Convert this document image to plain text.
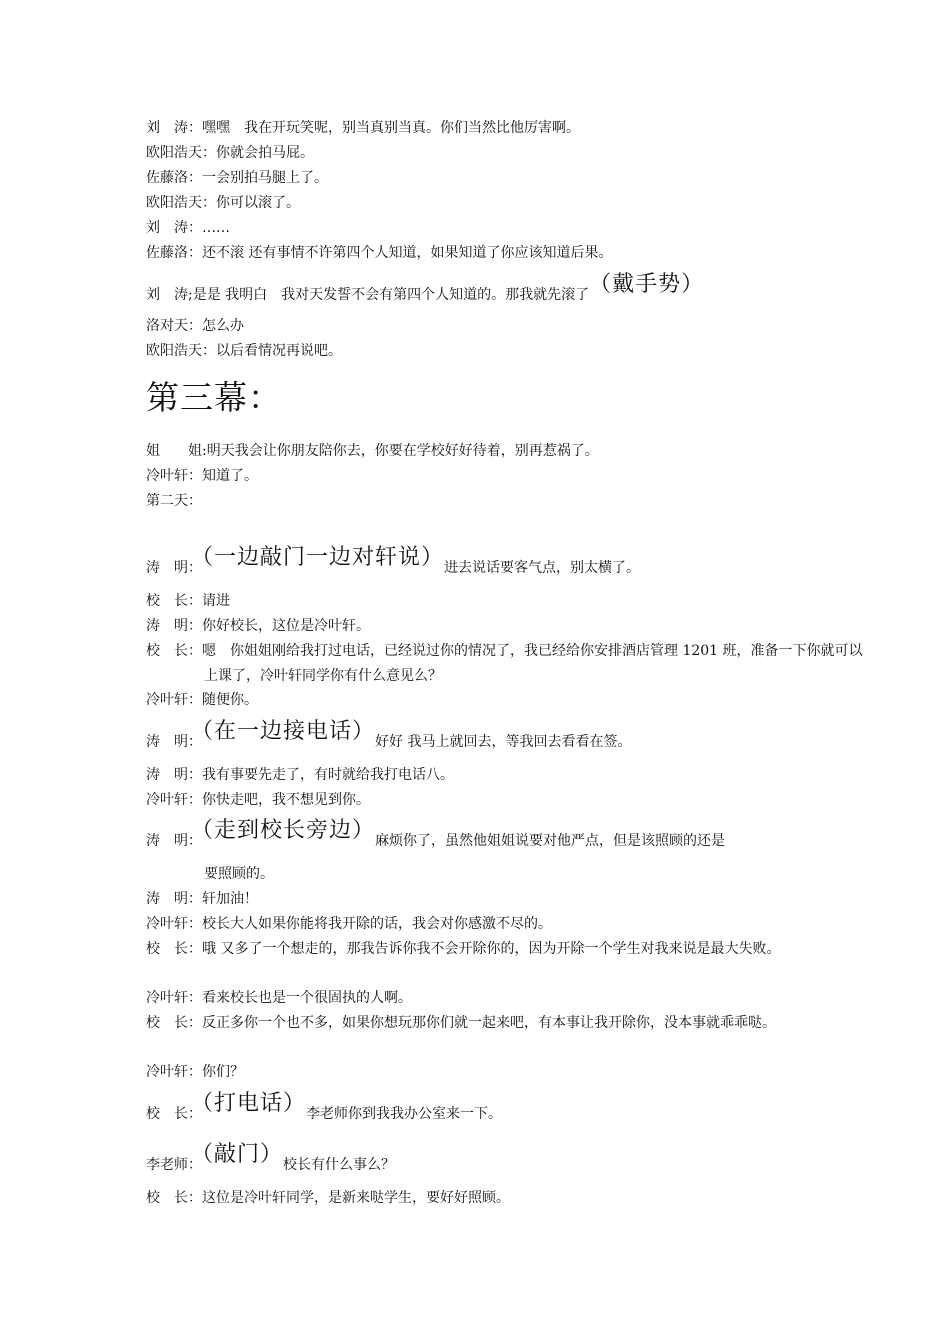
刘　涛：嘿嘿　我在开玩笑呢，别当真别当真。你们当然比他厉害啊。
欧阳浩天：你就会拍马屁。
佐藤洛：一会别拍马腿上了。
欧阳浩天：你可以滚了。
刘　涛：……
佐藤洛：还不滚 还有事情不许第四个人知道，如果知道了你应该知道后果。
刘　涛;是是 我明白　我对天发誓不会有第四个人知道的。那我就先滚了（戴手势）
洛对天：怎么办
欧阳浩天：以后看情况再说吧。
第三幕：
姐　　姐:明天我会让你朋友陪你去，你要在学校好好待着，别再惹祸了。
冷叶轩：知道了。
第二天：
涛　明：（一边敲门一边对轩说）进去说话要客气点，别太横了。
校　长：请进
涛　明：你好校长，这位是冷叶轩。
校　长：嗯　你姐姐刚给我打过电话，已经说过你的情况了，我已经给你安排酒店管理 1201 班，准备一下你就可以上课了，冷叶轩同学你有什么意见么？
冷叶轩：随便你。
涛　明：（在一边接电话）好好 我马上就回去，等我回去看看在签。
涛　明：我有事要先走了，有时就给我打电话八。
冷叶轩：你快走吧，我不想见到你。
涛　明：（走到校长旁边）麻烦你了，虽然他姐姐说要对他严点，但是该照顾的还是
要照顾的。
涛　明：轩加油！
冷叶轩：校长大人如果你能将我开除的话，我会对你感激不尽的。
校　长：哦 又多了一个想走的，那我告诉你我不会开除你的，因为开除一个学生对我来说是最大失败。
冷叶轩：看来校长也是一个很固执的人啊。
校　长：反正多你一个也不多，如果你想玩那你们就一起来吧，有本事让我开除你，没本事就乖乖哒。
冷叶轩：你们？
校　长：（打电话）李老师你到我我办公室来一下。
李老师：（敲门）校长有什么事么？
校　长：这位是冷叶轩同学，是新来哒学生，要好好照顾。
